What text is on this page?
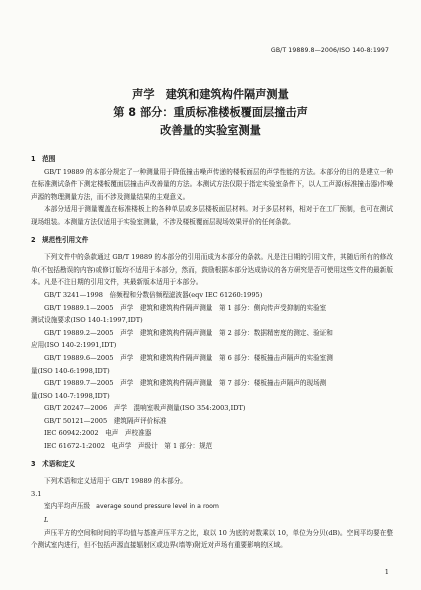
GB/T 19889.8—2006/ISO 140-8:1997
声学　建筑和建筑构件隔声测量
第 8 部分：重质标准楼板覆面层撞击声
改善量的实验室测量
1　范围

GB/T 19889 的本部分规定了一种测量用于降低撞击噪声传递的楼板面层的声学性能的方法。本部分的目的是建立一种在标准测试条件下测定楼板覆面层撞击声改善量的方法。本测试方法仅限于指定实验室条件下，以人工声源(标准撞击器)作噪声源的物理测量方法，而不涉及测量结果的主观意义。

本部分适用于测量覆盖在标准楼板上的各种单层或多层楼板面层材料。对于多层材料，相对于在工厂预制，也可在测试现场组装。本测量方法仅适用于实验室测量，不涉及楼板覆面层现场效果评价的任何条款。

2　规范性引用文件

下列文件中的条款通过 GB/T 19889 的本部分的引用而成为本部分的条款。凡是注日期的引用文件，其随后所有的修改单(不包括勘误的内容)或修订版均不适用于本部分，然而，鼓励根据本部分达成协议的各方研究是否可使用这些文件的最新版本。凡是不注日期的引用文件，其最新版本适用于本部分。

GB/T 3241—1998　倍频程和分数倍频程滤波器(eqv IEC 61260:1995)
GB/T 19889.1—2005　声学　建筑和建筑构件隔声测量　第 1 部分：侧向传声受抑制的实验室
测试设施要求(ISO 140-1:1997,IDT)
GB/T 19889.2—2005　声学　建筑和建筑构件隔声测量　第 2 部分：数据精密度的测定、验证和
应用(ISO 140-2:1991,IDT)
GB/T 19889.6—2005　声学　建筑和建筑构件隔声测量　第 6 部分：楼板撞击声隔声的实验室测
量(ISO 140-6:1998,IDT)
GB/T 19889.7—2005　声学　建筑和建筑构件隔声测量　第 7 部分：楼板撞击声隔声的现场测
量(ISO 140-7:1998,IDT)
GB/T 20247—2006　声学　混响室吸声测量(ISO 354:2003,IDT)
GB/T 50121—2005　建筑隔声评价标准
IEC 60942:2002　电声　声校准器
IEC 61672-1:2002　电声学　声级计　第 1 部分：规范
3　术语和定义

下列术语和定义适用于 GB/T 19889 的本部分。

3.1
室内平均声压级 average sound pressure level in a room
L

声压平方的空间和时间的平均值与基准声压平方之比，取以 10 为底的对数乘以 10，单位为分贝(dB)。空间平均要在整个测试室内进行，但不包括声源直接辐射区或边界(墙等)附近对声场有重要影响的区域。

1
